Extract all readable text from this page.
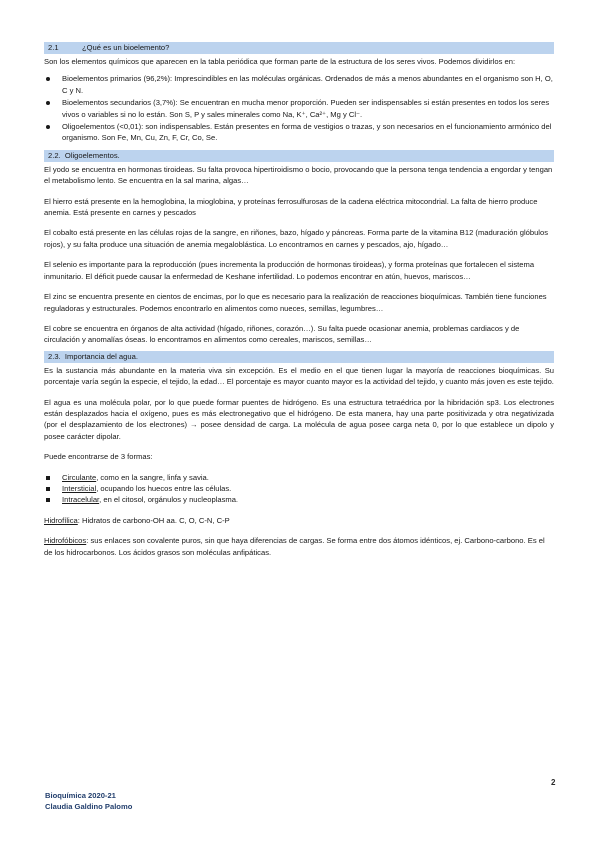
2.1	¿Qué es un bioelemento?

Son los elementos químicos que aparecen en la tabla periódica que forman parte de la estructura de los seres vivos. Podemos dividirlos en:

Bioelementos primarios (96,2%): Imprescindibles en las moléculas orgánicas. Ordenados de más a menos abundantes en el organismo son H, O, C y N.
Bioelementos secundarios (3,7%): Se encuentran en mucha menor proporción. Pueden ser indispensables si están presentes en todos los seres vivos o variables si no lo están. Son S, P y sales minerales como Na, K⁺, Ca²⁺, Mg y Cl⁻.
Oligoelementos (<0,01): son indispensables. Están presentes en forma de vestigios o trazas, y son necesarios en el funcionamiento armónico del organismo. Son Fe, Mn, Cu, Zn, F, Cr, Co, Se.
2.2. Oligoelementos.

El yodo se encuentra en hormonas tiroideas. Su falta provoca hipertiroidismo o bocio, provocando que la persona tenga tendencia a engordar y tengan el metabolismo lento. Se encuentra en la sal marina, algas…

El hierro está presente en la hemoglobina, la mioglobina, y proteínas ferrosulfurosas de la cadena eléctrica mitocondrial. La falta de hierro produce anemia. Está presente en carnes y pescados

El cobalto está presente en las células rojas de la sangre, en riñones, bazo, hígado y páncreas. Forma parte de la vitamina B12 (maduración glóbulos rojos), y su falta produce una situación de anemia megaloblástica. Lo encontramos en carnes y pescados, ajo, hígado…

El selenio es importante para la reproducción (pues incrementa la producción de hormonas tiroideas), y forma proteínas que fortalecen el sistema inmunitario. El déficit puede causar la enfermedad de Keshane infertilidad. Lo podemos encontrar en atún, huevos, mariscos…

El zinc se encuentra presente en cientos de encimas, por lo que es necesario para la realización de reacciones bioquímicas. También tiene funciones reguladoras y estructurales. Podemos encontrarlo en alimentos como nueces, semillas, legumbres…

El cobre se encuentra en órganos de alta actividad (hígado, riñones, corazón…). Su falta puede ocasionar anemia, problemas cardiacos y de circulación y anomalías óseas. lo encontramos en alimentos como cereales, mariscos, semillas…

2.3. Importancia del agua.

Es la sustancia más abundante en la materia viva sin excepción. Es el medio en el que tienen lugar la mayoría de reacciones bioquímicas. Su porcentaje varía según la especie, el tejido, la edad… El porcentaje es mayor cuanto mayor es la actividad del tejido, y cuanto más joven es este tejido.

El agua es una molécula polar, por lo que puede formar puentes de hidrógeno. Es una estructura tetraédrica por la hibridación sp3. Los electrones están desplazados hacia el oxígeno, pues es más electronegativo que el hidrógeno. De esta manera, hay una parte positivizada y otra negativizada (por el desplazamiento de los electrones) → posee densidad de carga. La molécula de agua posee carga neta 0, por lo que establece un dipolo y posee carácter dipolar.

Puede encontrarse de 3 formas:

Circulante, como en la sangre, linfa y savia.
Intersticial, ocupando los huecos entre las células.
Intracelular, en el citosol, orgánulos y nucleoplasma.

Hidrofílica: Hidratos de carbono-OH aa. C, O, C-N, C-P

Hidrofóbicos: sus enlaces son covalente puros, sin que haya diferencias de cargas. Se forma entre dos átomos idénticos, ej. Carbono-carbono. Es el de los hidrocarbonos. Los ácidos grasos son moléculas anfipáticas.

2
Bioquímica 2020-21
Claudia Galdino Palomo
